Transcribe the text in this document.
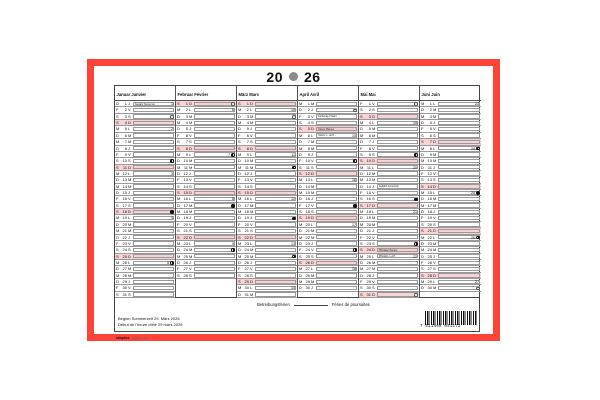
20 26
Januar Janvier
D	1 J	Neujahr Nouvel an	1
F	2 V
S	3 S
S	4 D
M	5 L	2
D	6 M
M	7 M
D	8 J
F	9 V
S 10 S
S	11 D
M 12 L	3
D 13 M
M 14 M
D 15 J
F	16 V
S 17 S
S 18 D
M 19 L	4
D 20 M
M 21 M
D 22 J
F	23 V
S 24 S
S 25 D
M 26 L	5
D 27 M
M 28 M
D 29 J
F	30 V
S 31 S
Februar Février
S	1 D
M	2 L	6
D	3 M
M	4 M
D	5 J
F	6 V
S	7 S
S	8 D
M	9 L	7
D 10 M
M 11 M
D 12 J
F	13 V
S 14 S
S 15 D
M 16 L	8
D 17 M
M 18 M
D 19 J
F	20 V
S 21 S
S 22 D
M 23 L	9
D 24 M
M 25 M
D 26 J
F	27 V
S 28 S
März Mars
S	1 D
M	2 L	10
D	3 M
M	4 M
D	5 J
F	6 V
S	7 S
S	8 D
M	9 L	11
D 10 M
M 11 M
D 12 J
F	13 V
S 14 S
S 15 D
M 16 L	12
D 17 M
M 18 M
D 19 J
F	20 V
S 21 S
S 22 D
M 23 L	13
D 24 M
M 25 M
D 26 J
F	27 V
S 28 S
S 29 D
M 30 L	14
D 31 M
April Avril
M	1 M
D	2 J
F	3 V	Karfreitag V.Saint
S	4 S
S	5 D	Ostern Pâques
M	6 L	Ostern. L. de P.	15
D	7 M
M	8 M
D	9 J
F	10 V
S	11 S
S 12 D
M 13 L	16
D 14 M
M 15 M
D 16 J
F	17 V
S 18 S
S 19 D
M 20 L	17
D 21 M
M 22 M
D 23 J
F	24 V
S 25 S
S 26 D
M 27 L	18
D 28 M
M 29 M
D 30 J
Mai Mai
F	1 V
S	2 S
S	3 D
M	4 L	19
D	5 M
M	6 M
D	7 J
F	8 V
S	9 S
S 10 D
M 11 L	20
D 12 M
M 13 M
D 14 J	Auffahrt Ascension
F	15 V
S 16 S
S 17 D
M 18 L	21
D 19 M
M 20 M
D 21 J
F	22 V
S 23 S
S 24 D	Pfingsten Pentec.
M 25 L	Pfingstm. L.d.P.	22
D 26 M
M 27 M
D 28 J
F	29 V
S 30 S
S 31 D
Juni Juin
M	1 L	23
D	2 M
M	3 M
D	4 J
F	5 V
S	6 S
S	7 D
M	8 L	24
D	9 M
M 10 M
D 11 J
F	12 V
S 13 S
S 14 D
M 15 L	25
D 16 M
M 17 M
D 18 J
F	19 V
S 20 S
S 21 D
M 22 L	26
D 23 M
M 24 M
D 25 J
F	26 V
S 27 S
S 28 D
M 29 L	27
D 30 M
Betreibungsferien	Féries de poursuites
Beginn Sommerzeit 29. März 2026
Début de l'heure d'été 29 mars 2026	7 611468 041172
simplex 40321-40
